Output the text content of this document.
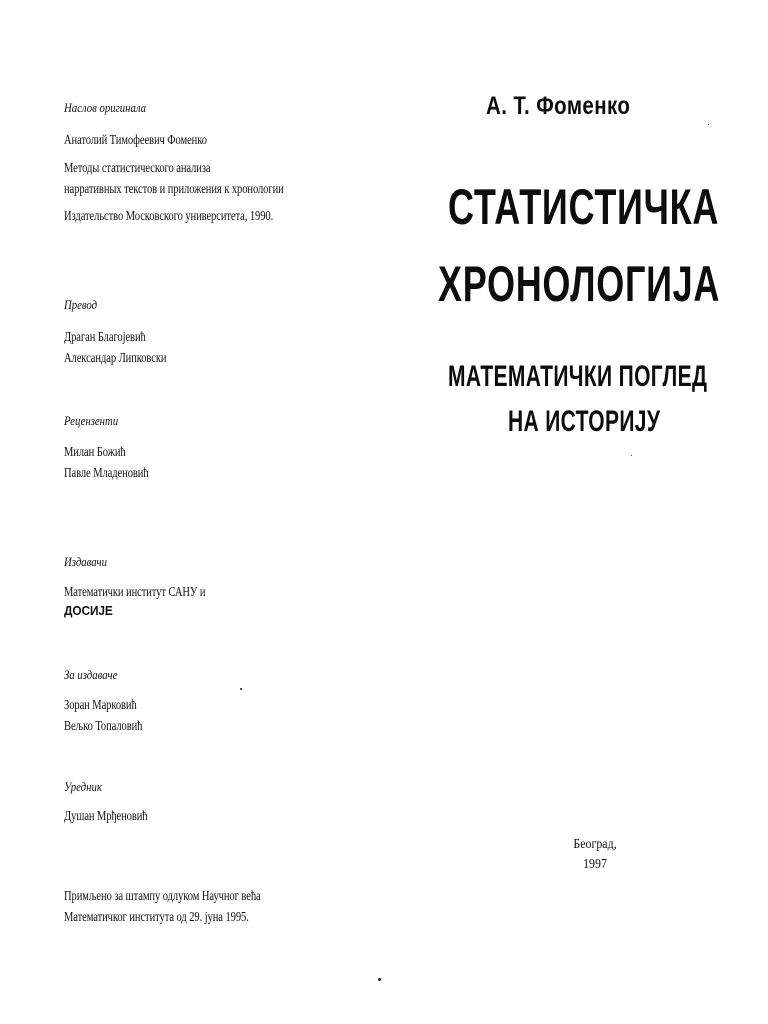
Наслов оригинала
Анатолий Тимофеевич Фоменко
Методы статистического анализа
нарративных текстов и приложения к хронологии
Издательство Московского университета, 1990.
Превод
Драган Благојевић
Александар Липковски
Рецензенти
Милан Божић
Павле Младеновић
Издавачи
Математички институт САНУ и
ДОСИЈЕ
За издаваче
Зоран Марковић
Вељко Топаловић
Уредник
Душан Мрђеновић
Примљено за штампу одлуком Научног већа
Математичког института од 29. јуна 1995.
А. Т. Фоменко
СТАТИСТИЧКА
ХРОНОЛОГИЈА
МАТЕМАТИЧКИ ПОГЛЕД
НА ИСТОРИЈУ
Београд,
1997
